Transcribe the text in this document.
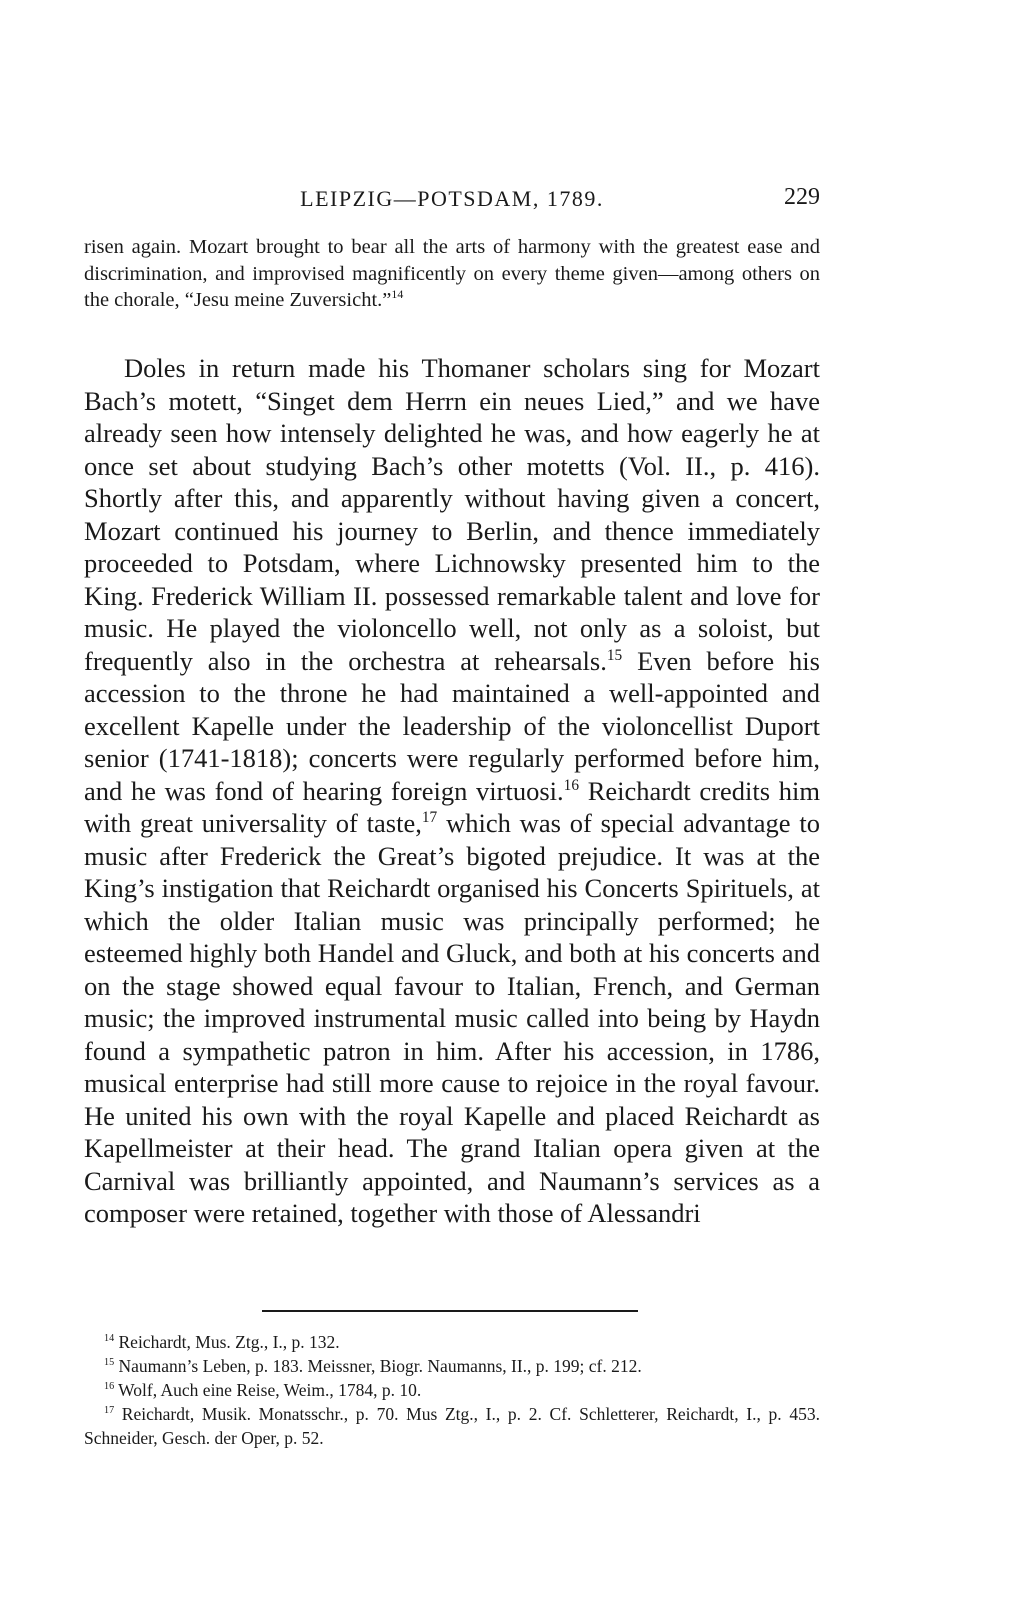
LEIPZIG—POTSDAM, 1789.	229

risen again. Mozart brought to bear all the arts of harmony with the greatest ease and discrimination, and improvised magnificently on every theme given—among others on the chorale, “Jesu meine Zuversicht.”$^{14}$

Doles in return made his Thomaner scholars sing for Mozart Bach’s motett, “Singet dem Herrn ein neues Lied,” and we have already seen how intensely delighted he was, and how eagerly he at once set about studying Bach’s other motetts (Vol. II., p. 416). Shortly after this, and apparently without having given a concert, Mozart continued his journey to Berlin, and thence immediately proceeded to Potsdam, where Lichnowsky presented him to the King. Frederick William II. possessed remarkable talent and love for music. He played the violoncello well, not only as a soloist, but frequently also in the orchestra at rehearsals.$^{15}$ Even before his accession to the throne he had maintained a well-appointed and excellent Kapelle under the leadership of the violoncellist Duport senior (1741-1818); concerts were regularly performed before him, and he was fond of hearing foreign virtuosi.$^{16}$ Reichardt credits him with great universality of taste,$^{17}$ which was of special advantage to music after Frederick the Great’s bigoted prejudice. It was at the King’s instigation that Reichardt organised his Concerts Spirituels, at which the older Italian music was principally performed; he esteemed highly both Handel and Gluck, and both at his concerts and on the stage showed equal favour to Italian, French, and German music; the improved instrumental music called into being by Haydn found a sympathetic patron in him. After his accession, in 1786, musical enterprise had still more cause to rejoice in the royal favour. He united his own with the royal Kapelle and placed Reichardt as Kapellmeister at their head. The grand Italian opera given at the Carnival was brilliantly appointed, and Naumann’s services as a composer were retained, together with those of Alessandri

$^{14}$ Reichardt, Mus. Ztg., I., p. 132.

$^{15}$ Naumann’s Leben, p. 183. Meissner, Biogr. Naumanns, II., p. 199; cf. 212.

$^{16}$ Wolf, Auch eine Reise, Weim., 1784, p. 10.

$^{17}$ Reichardt, Musik. Monatsschr., p. 70. Mus Ztg., I., p. 2. Cf. Schletterer, Reichardt, I., p. 453. Schneider, Gesch. der Oper, p. 52.
